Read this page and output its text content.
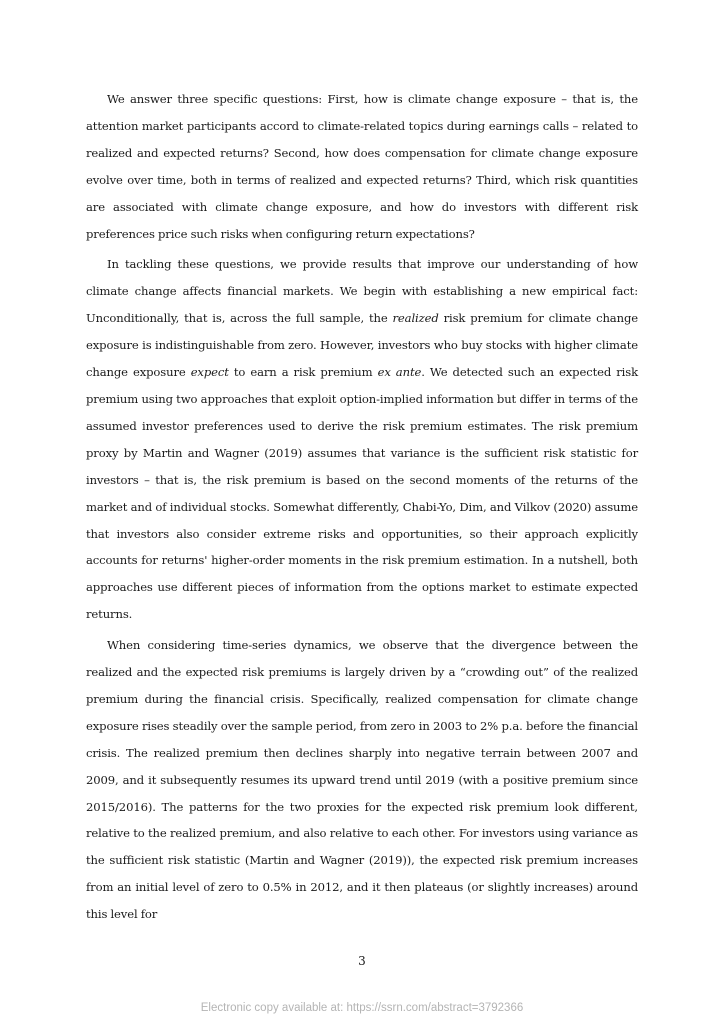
We answer three specific questions: First, how is climate change exposure – that is, the attention market participants accord to climate-related topics during earnings calls – related to realized and expected returns? Second, how does compensation for climate change exposure evolve over time, both in terms of realized and expected returns? Third, which risk quantities are associated with climate change exposure, and how do investors with different risk preferences price such risks when configuring return expectations?

In tackling these questions, we provide results that improve our understanding of how climate change affects financial markets. We begin with establishing a new empirical fact: Unconditionally, that is, across the full sample, the realized risk premium for climate change exposure is indistinguishable from zero. However, investors who buy stocks with higher climate change exposure expect to earn a risk premium ex ante. We detected such an expected risk premium using two approaches that exploit option-implied information but differ in terms of the assumed investor preferences used to derive the risk premium estimates. The risk premium proxy by Martin and Wagner (2019) assumes that variance is the sufficient risk statistic for investors – that is, the risk premium is based on the second moments of the returns of the market and of individual stocks. Somewhat differently, Chabi-Yo, Dim, and Vilkov (2020) assume that investors also consider extreme risks and opportunities, so their approach explicitly accounts for returns' higher-order moments in the risk premium estimation. In a nutshell, both approaches use different pieces of information from the options market to estimate expected returns.

When considering time-series dynamics, we observe that the divergence between the realized and the expected risk premiums is largely driven by a “crowding out” of the realized premium during the financial crisis. Specifically, realized compensation for climate change exposure rises steadily over the sample period, from zero in 2003 to 2% p.a. before the financial crisis. The realized premium then declines sharply into negative terrain between 2007 and 2009, and it subsequently resumes its upward trend until 2019 (with a positive premium since 2015/2016). The patterns for the two proxies for the expected risk premium look different, relative to the realized premium, and also relative to each other. For investors using variance as the sufficient risk statistic (Martin and Wagner (2019)), the expected risk premium increases from an initial level of zero to 0.5% in 2012, and it then plateaus (or slightly increases) around this level for

3
Electronic copy available at: https://ssrn.com/abstract=3792366
